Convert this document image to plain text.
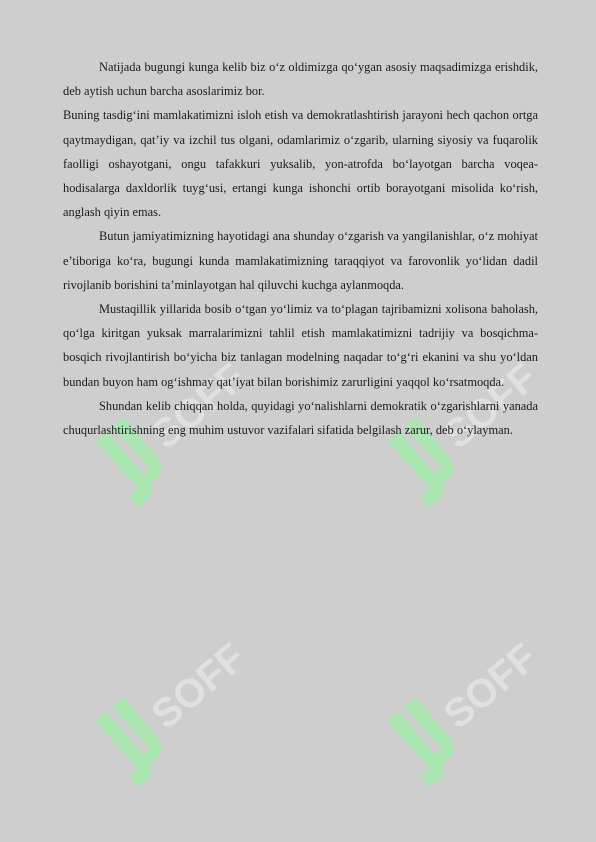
SOFF	SOFF
SOFF	SOFF

Natijada bugungi kunga kelib biz o‘z oldimizga qo‘ygan asosiy maqsadimizga erishdik, deb aytish uchun barcha asoslarimiz bor.

Buning tasdig‘ini mamlakatimizni isloh etish va demokratlashtirish jarayoni hech qachon ortga qaytmaydigan, qat’iy va izchil tus olgani, odamlarimiz o‘zgarib, ularning siyosiy va fuqarolik faolligi oshayotgani, ongu tafakkuri yuksalib, yon-atrofda bo‘layotgan barcha voqea-hodisalarga daxldorlik tuyg‘usi, ertangi kunga ishonchi ortib borayotgani misolida ko‘rish, anglash qiyin emas.

Butun jamiyatimizning hayotidagi ana shunday o‘zgarish va yangilanishlar, o‘z mohiyat e’tiboriga ko‘ra, bugungi kunda mamlakatimizning taraqqiyot va farovonlik yo‘lidan dadil rivojlanib borishini ta’minlayotgan hal qiluvchi kuchga aylanmoqda.

Mustaqillik yillarida bosib o‘tgan yo‘limiz va to‘plagan tajribamizni xolisona baholash, qo‘lga kiritgan yuksak marralarimizni tahlil etish mamlakatimizni tadrijiy va bosqichma-bosqich rivojlantirish bo‘yicha biz tanlagan modelning naqadar to‘g‘ri ekanini va shu yo‘ldan bundan buyon ham og‘ishmay qat’iyat bilan borishimiz zarurligini yaqqol ko‘rsatmoqda.

Shundan kelib chiqqan holda, quyidagi yo‘nalishlarni demokratik o‘zgarishlarni yanada chuqurlashtirishning eng muhim ustuvor vazifalari sifatida belgilash zarur, deb o‘ylayman.
